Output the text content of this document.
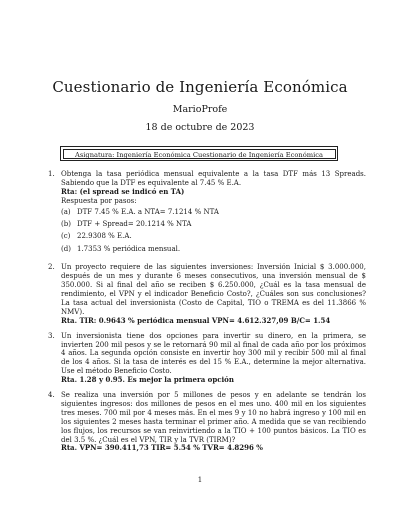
Cuestionario de Ingeniería Económica
MarioProfe
18 de octubre de 2023
Asignatura: Ingeniería Económica Cuestionario de Ingeniería Económica
1. Obtenga la tasa periódica mensual equivalente a la tasa DTF más 13 Spreads. Sabiendo que la DTF es equivalente al 7.45 % E.A.

Rta: (el spread se indicó en TA)

Respuesta por pasos:

(a) DTF 7.45 % E.A. a NTA= 7.1214 % NTA
(b) DTF + Spread= 20.1214 % NTA
(c) 22.9308 % E.A.
(d) 1.7353 % periódica mensual.
2. Un proyecto requiere de las siguientes inversiones: Inversión Inicial $ 3.000.000, después de un mes y durante 6 meses consecutivos, una inversión mensual de $ 350.000. Si al final del año se reciben $ 6.250.000, ¿Cuál es la tasa mensual de rendimiento, el VPN y el indicador Beneficio Costo?, ¿Cuáles son sus conclusiones? La tasa actual del inversionista (Costo de Capital, TIO o TREMA es del 11.3866 % NMV).

Rta. TIR: 0.9643 % periódica mensual VPN= 4.612.327,09 B/C= 1.54

3. Un inversionista tiene dos opciones para invertir su dinero, en la primera, se invierten 200 mil pesos y se le retornará 90 mil al final de cada año por los próximos 4 años. La segunda opción consiste en invertir hoy 300 mil y recibir 500 mil al final de los 4 años. Si la tasa de interés es del 15 % E.A., determine la mejor alternativa. Use el método Beneficio Costo.

Rta. 1.28 y 0.95. Es mejor la primera opción

4. Se realiza una inversión por 5 millones de pesos y en adelante se tendrán los siguientes ingresos: dos millones de pesos en el mes uno. 400 mil en los siguientes tres meses. 700 mil por 4 meses más. En el mes 9 y 10 no habrá ingreso y 100 mil en los siguientes 2 meses hasta terminar el primer año. A medida que se van recibiendo los flujos, los recursos se van reinvirtiendo a la TIO + 100 puntos básicos. La TIO es del 3.5 %. ¿Cuál es el VPN, TIR y la TVR (TIRM)?

Rta. VPN= 390.411,73 TIR= 5.54 % TVR= 4.8296 %

1
